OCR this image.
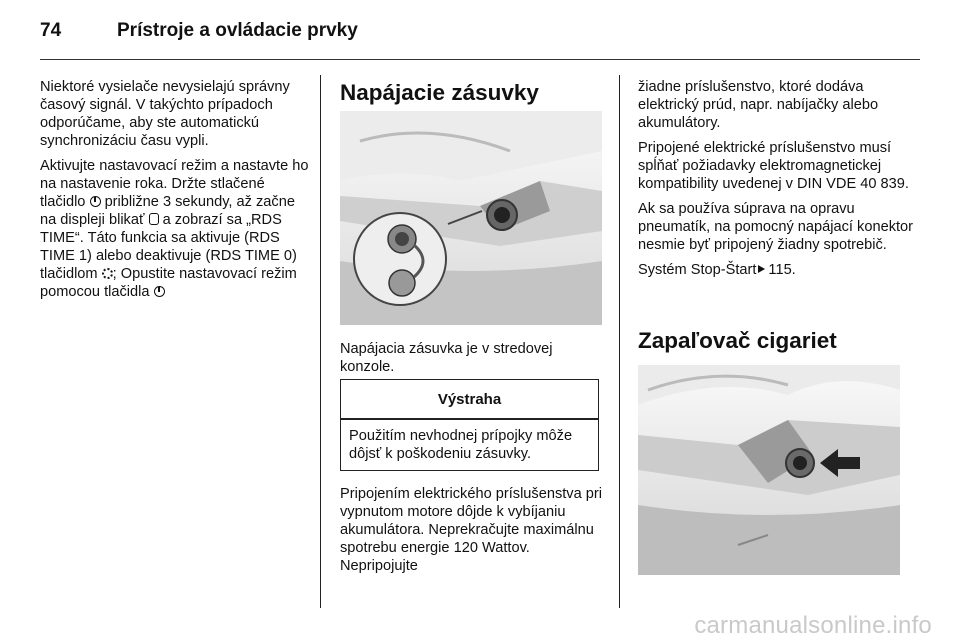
74	Prístroje a ovládacie prvky

Niektoré vysielače nevysielajú správny časový signál. V takýchto prípadoch odporúčame, aby ste automatickú synchronizáciu času vypli.

Aktivujte nastavovací režim a nastavte ho na nastavenie roka. Držte stlačené tlačidlo približne 3 sekundy, až začne na displeji blikať a zobrazí sa „RDS TIME“. Táto funkcia sa aktivuje (RDS TIME 1) alebo deaktivuje (RDS TIME 0) tlačidlom ; Opustite nastavovací režim pomocou tlačidla

Napájacie zásuvky

Napájacia zásuvka je v stredovej konzole.

Výstraha
Použitím nevhodnej prípojky môže dôjsť k poškodeniu zásuvky.

Pripojením elektrického príslušenstva pri vypnutom motore dôjde k vybíjaniu akumulátora. Neprekračujte maximálnu spotrebu energie 120 Wattov. Nepripojujte

žiadne príslušenstvo, ktoré dodáva elektrický prúd, napr. nabíjačky alebo akumulátory.

Pripojené elektrické príslušenstvo musí spĺňať požiadavky elektromagnetickej kompatibility uvedenej v DIN VDE 40 839.

Ak sa používa súprava na opravu pneumatík, na pomocný napájací konektor nesmie byť pripojený žiadny spotrebič.

Systém Stop-Štart 115.

Zapaľovač cigariet
carmanualsonline.info
